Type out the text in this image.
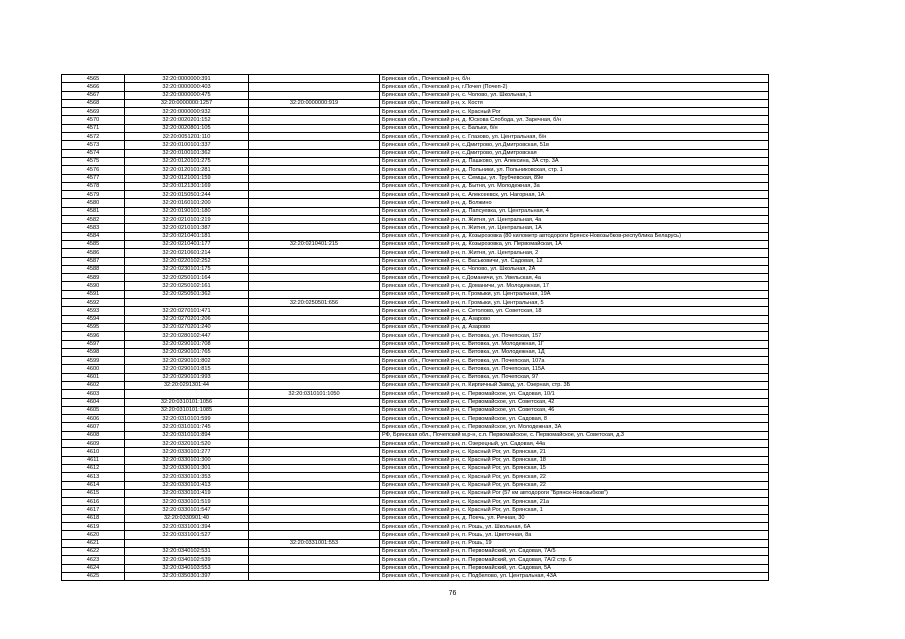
4565	32:20:0000000:391		Брянская обл., Почепский р-н, б/н
4566	32:20:0000000:403		Брянская обл., Почепский р-н, г.Почеп (Почеп-2)
4567	32:20:0000000:475		Брянская обл., Почепский р-н, с. Чолово, ул. Школьная, 1
4568	32:20:0000000:1257	32:20:0000000:919	Брянская обл., Почепский р-н, х. Костя
4569	32:20:0000000:932		Брянская обл., Почепский р-н, с. Красный Рог
4570	32:20:0020201:152		Брянская обл., Почепский р-н, д. Юскова Слобода, ул. Заречная, б/н
4571	32:20:0020801:105		Брянская обл., Почепский р-н, с. Бальки, б/н
4572	32:20:0051201:110		Брянская обл., Почепский р-н, с. Глазово, ул. Центральная, б/н
4573	32:20:0100101:337		Брянская обл., Почепский р-н, с.Дмитрово, ул.Дмитровская, 51в
4574	32:20:0100101:362		Брянская обл., Почепский р-н, с.Дмитрово, ул.Дмитровская
4575	32:20:0120101:275		Брянская обл., Почепский р-н, д. Пашково, ул. Алексина, 3А стр. 3А
4576	32:20:0120101:281		Брянская обл., Почепский р-н, д. Польники, ул. Польниковская, стр. 1
4577	32:20:0121001:159		Брянская обл., Почепский р-н, с. Семцы, ул. Трубчевская, 89е
4578	32:20:0121301:169		Брянская обл., Почепский р-н, д. Бытня, ул. Молодежная, 3а
4579	32:20:0150501:244		Брянская обл., Почепский р-н, с. Алексеевск, ул. Нагорная, 1А
4580	32:20:0160101:200		Брянская обл., Почепский р-н, д. Волжино
4581	32:20:0190101:180		Брянская обл., Почепский р-н, д. Папсуевка, ул. Центральная, 4
4582	32:20:0210101:219		Брянская обл., Почепский р-н, п. Житня, ул. Центральная, 4а
4583	32:20:0210101:387		Брянская обл., Почепский р-н, п. Житня, ул. Центральная, 1А
4584	32:20:0210401:181		Брянская обл., Почепский р-н, д. Козырозовка (80 километр автодороги Брянск-Новозыбков-республика Беларусь)
4585	32:20:0210401:177	32:20:0210401:215	Брянская обл., Почепский р-н, д. Козырозовка, ул. Первомайская, 1А
4586	32:20:0210601:214		Брянская обл., Почепский р-н, п. Житня, ул. Центральная, 2
4587	32:20:0220102:252		Брянская обл., Почепский р-н, с. Васьковичи, ул. Садовая, 12
4588	32:20:0230101:175		Брянская обл., Почепский р-н, с. Чолово, ул. Школьная, 2А
4589	32:20:0250101:164		Брянская обл., Почепский р-н, с.Доманичи, ул. Увельская, 4а
4590	32:20:0250102:161		Брянская обл., Почепский р-н, с. Доманичи, ул. Молодежная, 17
4591	32:20:0250501:362		Брянская обл., Почепский р-н, п. Громыки, ул. Центральная, 19А
4592		32:20:0250501:656	Брянская обл., Почепский р-н, п. Громыки, ул. Центральная, 5
4593	32:20:0270101:471		Брянская обл., Почепский р-н, с. Сетолово, ул. Советская, 18
4594	32:20:0270201:206		Брянская обл., Почепский р-н, д. Азарово
4595	32:20:0270201:240		Брянская обл., Почепский р-н, д. Азарово
4596	32:20:0280102:447		Брянская обл., Почепский р-н, с. Витовка, ул. Почепская, 157
4597	32:20:0290101:708		Брянская обл., Почепский р-н, с. Витовка, ул. Молодежная, 1Г
4598	32:20:0290101:765		Брянская обл., Почепский р-н, с. Витовка, ул. Молодежная, 1Д
4599	32:20:0290101:802		Брянская обл., Почепский р-н, с. Витовка, ул. Почепская, 107а
4600	32:20:0290101:815		Брянская обл., Почепский р-н, с. Витовка, ул. Почепская, 115А
4601	32:20:0290101:993		Брянская обл., Почепский р-н, с. Витовка, ул. Почепская, 97
4602	32:20:0291301:44		Брянская обл., Почепский р-н, п. Кирпичный Завод, ул. Озерная, стр. 3Б
4603		32:20:0310101:1050	Брянская обл., Почепский р-н, с. Первомайское, ул. Садовая, 10/1
4604	32:20:0310101:1056		Брянская обл., Почепский р-н, с. Первомайское, ул. Советская, 42
4605	32:20:0310101:1085		Брянская обл., Почепский р-н, с. Первомайское, ул. Советская, 46
4606	32:20:0310101:599		Брянская обл., Почепский р-н, с. Первомайское, ул. Садовая, 8
4607	32:20:0310101:745		Брянская обл., Почепский р-н, с. Первомайское, ул. Молодежная, 3А
4608	32:20:0310101:894		РФ, Брянская обл., Почепский м.р-н, с.п. Первомайское, с. Первомайское, ул. Советская, д.3
4609	32:20:0320101:520		Брянская обл., Почепский р-н, п. Озерецный, ул. Садовая, 44а
4610	32:20:0330101:277		Брянская обл., Почепский р-н, с. Красный Рог, ул. Брянская, 21
4611	32:20:0330101:300		Брянская обл., Почепский р-н, с. Красный Рог, ул. Брянская, 18
4612	32:20:0330101:301		Брянская обл., Почепский р-н, с. Красный Рог, ул. Брянская, 15
4613	32:20:0330101:353		Брянская обл., Почепский р-н, с. Красный Рог, ул. Брянская, 22
4614	32:20:0330101:413		Брянская обл., Почепский р-н, с. Красный Рог, ул. Брянская, 22
4615	32:20:0330101:419		Брянская обл., Почепский р-н, с. Красный Рог (57 км автодороги "Брянск-Новозыбков")
4616	32:20:0330101:519		Брянская обл., Почепский р-н, с. Красный Рог, ул. Брянская, 21а
4617	32:20:0330101:547		Брянская обл., Почепский р-н, с. Красный Рог, ул. Брянская, 1
4618	32:20:0330901:40		Брянская обл., Почепский р-н, д. Поечь, ул. Речная, 30
4619	32:20:0331001:394		Брянская обл., Почепский р-н, п. Рошь, ул. Школьная, 6А
4620	32:20:0331001:527		Брянская обл., Почепский р-н, п. Рошь, ул. Цветочная, 8а
4621		32:20:0331001:553	Брянская обл., Почепский р-н, п. Рошь, 19
4622	32:20:0340102:531		Брянская обл., Почепский р-н, п. Первомайский, ул. Садовая, 7А/5
4623	32:20:0340102:539		Брянская обл., Почепский р-н, п. Первомайский, ул. Садовая, 7А/2 стр. 6
4624	32:20:0340103:553		Брянская обл., Почепский р-н, п. Первомайский, ул. Садовая, 5А
4625	32:20:0350301:397		Брянская обл., Почепский р-н, с. Подбелово, ул. Центральная, 43А
76
